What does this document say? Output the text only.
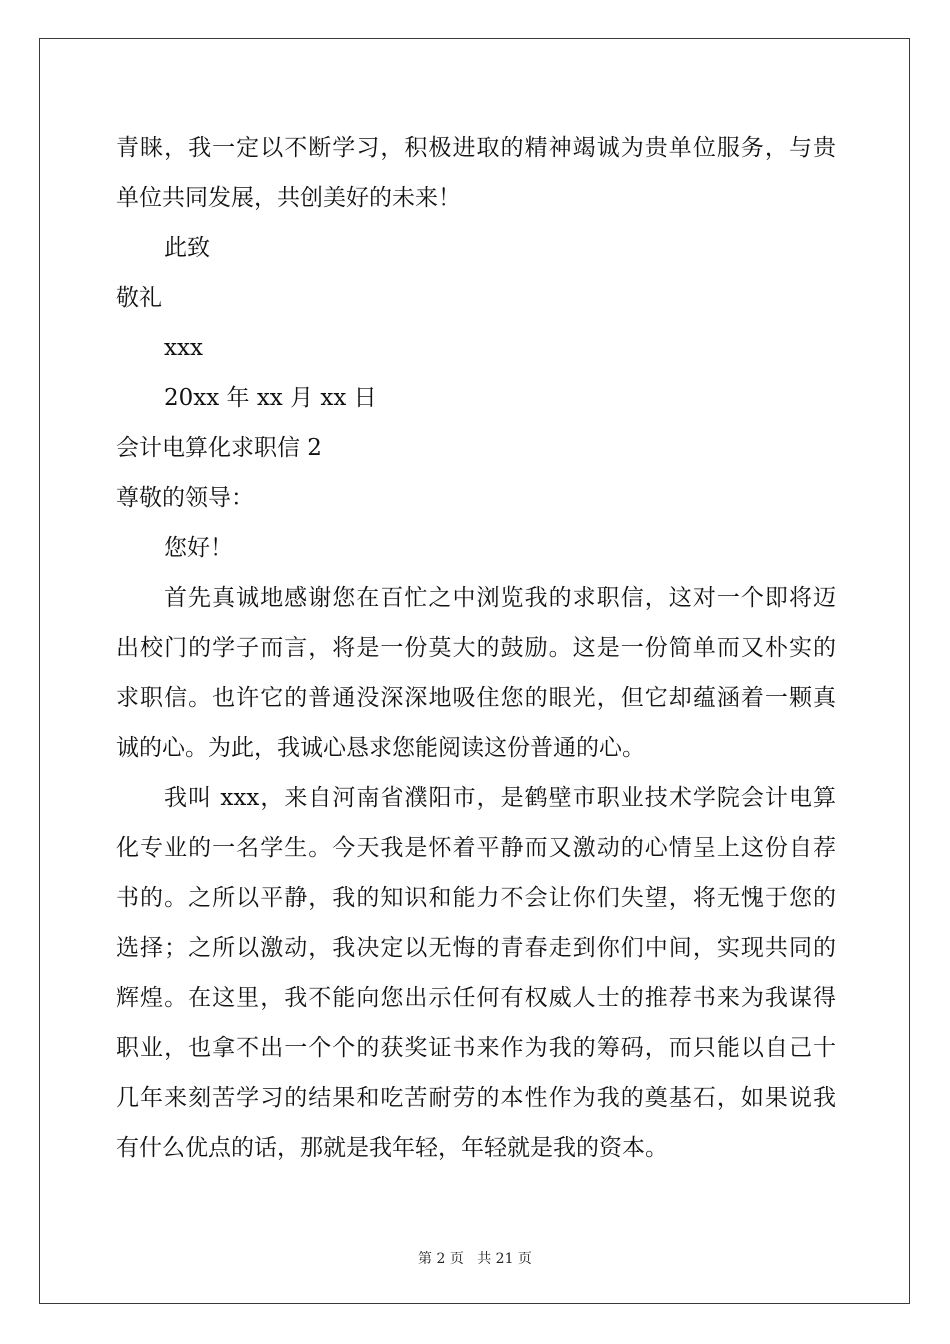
青睐，我一定以不断学习，积极进取的精神竭诚为贵单位服务，与贵
单位共同发展，共创美好的未来！
此致
敬礼
xxx
20xx 年 xx 月 xx 日
会计电算化求职信 2
尊敬的领导：
您好！
首先真诚地感谢您在百忙之中浏览我的求职信，这对一个即将迈
出校门的学子而言，将是一份莫大的鼓励。这是一份简单而又朴实的
求职信。也许它的普通没深深地吸住您的眼光，但它却蕴涵着一颗真
诚的心。为此，我诚心恳求您能阅读这份普通的心。
我叫 xxx，来自河南省濮阳市，是鹤壁市职业技术学院会计电算
化专业的一名学生。今天我是怀着平静而又激动的心情呈上这份自荐
书的。之所以平静，我的知识和能力不会让你们失望，将无愧于您的
选择；之所以激动，我决定以无悔的青春走到你们中间，实现共同的
辉煌。在这里，我不能向您出示任何有权威人士的推荐书来为我谋得
职业，也拿不出一个个的获奖证书来作为我的筹码，而只能以自己十
几年来刻苦学习的结果和吃苦耐劳的本性作为我的奠基石，如果说我
有什么优点的话，那就是我年轻，年轻就是我的资本。
第 2 页 共 21 页
